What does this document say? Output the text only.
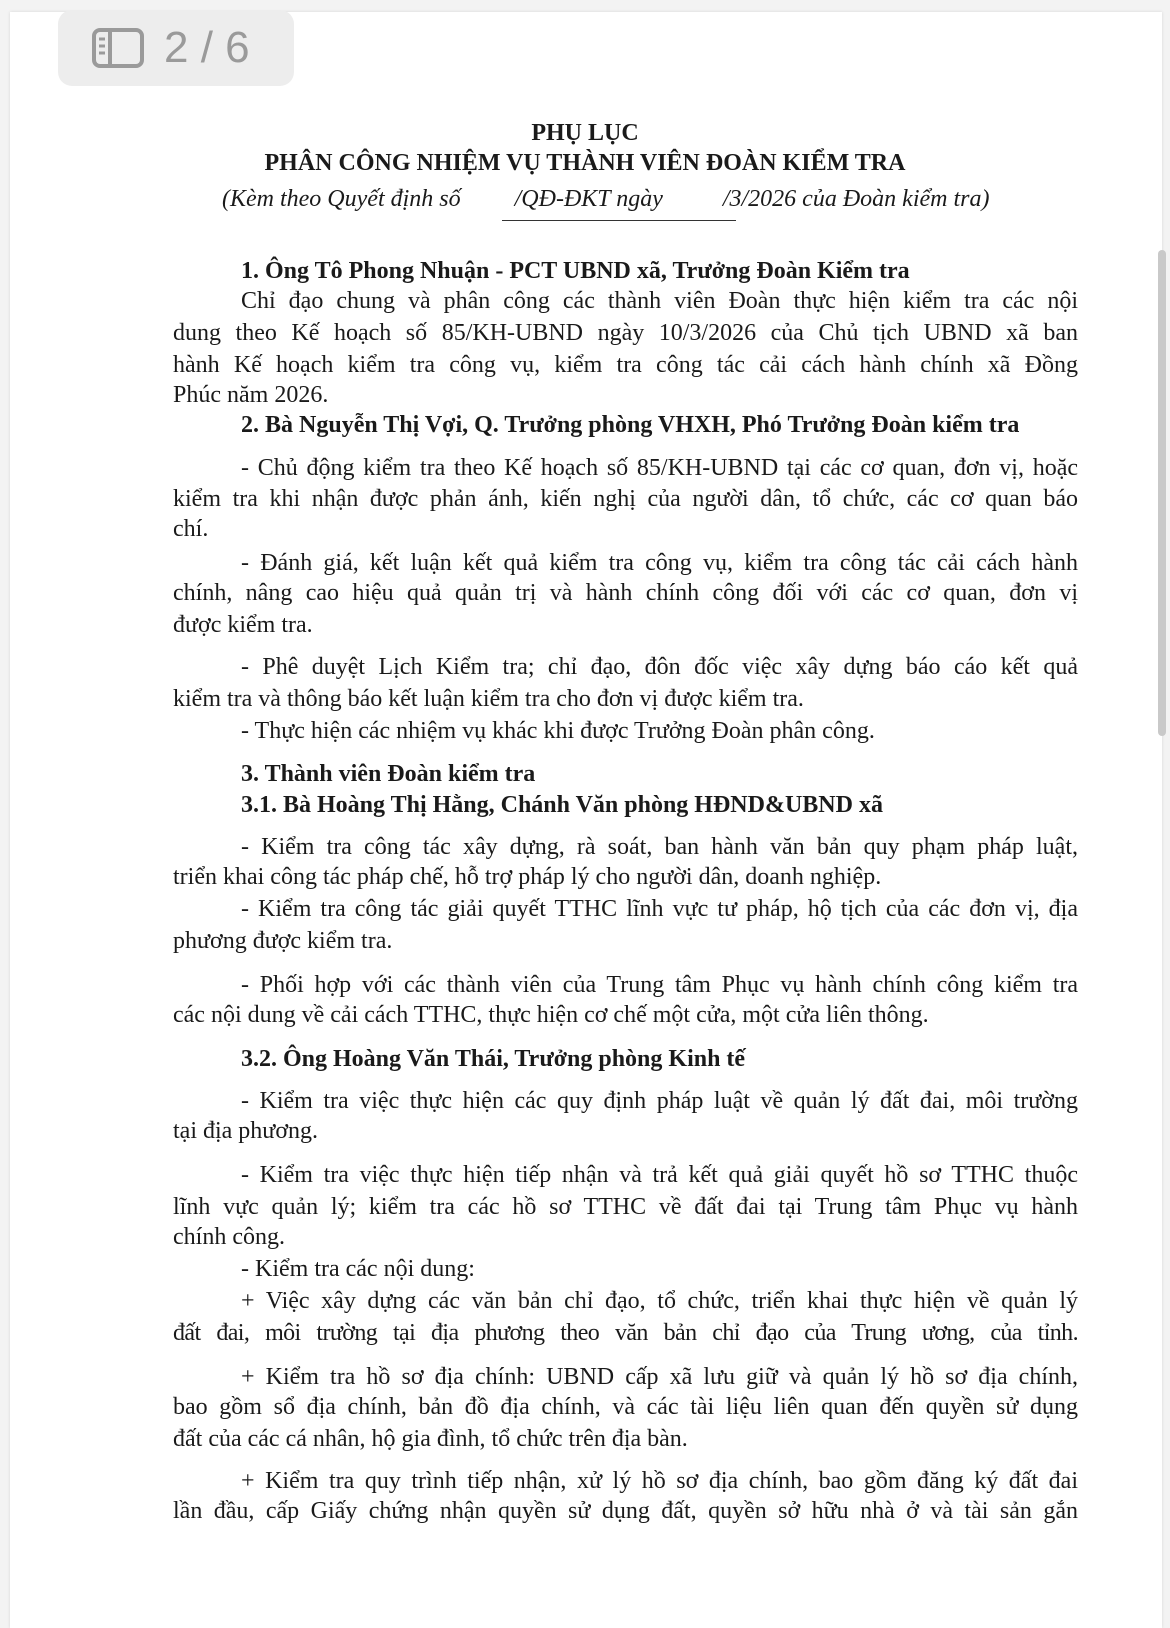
2 / 6
PHỤ LỤC
PHÂN CÔNG NHIỆM VỤ THÀNH VIÊN ĐOÀN KIỂM TRA
(Kèm theo Quyết định số         /QĐ-ĐKT ngày          /3/2026 của Đoàn kiểm tra)
1. Ông Tô Phong Nhuận - PCT UBND xã, Trưởng Đoàn Kiểm tra
Chỉ đạo chung và phân công các thành viên Đoàn thực hiện kiểm tra các nội
dung theo Kế hoạch số 85/KH-UBND ngày 10/3/2026 của Chủ tịch UBND xã ban
hành Kế hoạch kiểm tra công vụ, kiểm tra công tác cải cách hành chính xã Đồng
Phúc năm 2026.
2. Bà Nguyễn Thị Vợi, Q. Trưởng phòng VHXH, Phó Trưởng Đoàn kiểm tra
- Chủ động kiểm tra theo Kế hoạch số 85/KH-UBND tại các cơ quan, đơn vị, hoặc
kiểm tra khi nhận được phản ánh, kiến nghị của người dân, tổ chức, các cơ quan báo
chí.
- Đánh giá, kết luận kết quả kiểm tra công vụ, kiểm tra công tác cải cách hành
chính, nâng cao hiệu quả quản trị và hành chính công đối với các cơ quan, đơn vị
được kiểm tra.
- Phê duyệt Lịch Kiểm tra; chỉ đạo, đôn đốc việc xây dựng báo cáo kết quả
kiểm tra và thông báo kết luận kiểm tra cho đơn vị được kiểm tra.
- Thực hiện các nhiệm vụ khác khi được Trưởng Đoàn phân công.
3. Thành viên Đoàn kiểm tra
3.1. Bà Hoàng Thị Hằng, Chánh Văn phòng HĐND&UBND xã
- Kiểm tra công tác xây dựng, rà soát, ban hành văn bản quy phạm pháp luật,
triển khai công tác pháp chế, hỗ trợ pháp lý cho người dân, doanh nghiệp.
- Kiểm tra công tác giải quyết TTHC lĩnh vực tư pháp, hộ tịch của các đơn vị, địa
phương được kiểm tra.
- Phối hợp với các thành viên của Trung tâm Phục vụ hành chính công kiểm tra
các nội dung về cải cách TTHC, thực hiện cơ chế một cửa, một cửa liên thông.
3.2. Ông Hoàng Văn Thái, Trưởng phòng Kinh tế
- Kiểm tra việc thực hiện các quy định pháp luật về quản lý đất đai, môi trường
tại địa phương.
- Kiểm tra việc thực hiện tiếp nhận và trả kết quả giải quyết hồ sơ TTHC thuộc
lĩnh vực quản lý; kiểm tra các hồ sơ TTHC về đất đai tại Trung tâm Phục vụ hành
chính công.
- Kiểm tra các nội dung:
+ Việc xây dựng các văn bản chỉ đạo, tổ chức, triển khai thực hiện về quản lý
đất đai, môi trường tại địa phương theo văn bản chỉ đạo của Trung ương, của tỉnh.
+ Kiểm tra hồ sơ địa chính: UBND cấp xã lưu giữ và quản lý hồ sơ địa chính,
bao gồm sổ địa chính, bản đồ địa chính, và các tài liệu liên quan đến quyền sử dụng
đất của các cá nhân, hộ gia đình, tổ chức trên địa bàn.
+ Kiểm tra quy trình tiếp nhận, xử lý hồ sơ địa chính, bao gồm đăng ký đất đai
lần đầu, cấp Giấy chứng nhận quyền sử dụng đất, quyền sở hữu nhà ở và tài sản gắn
